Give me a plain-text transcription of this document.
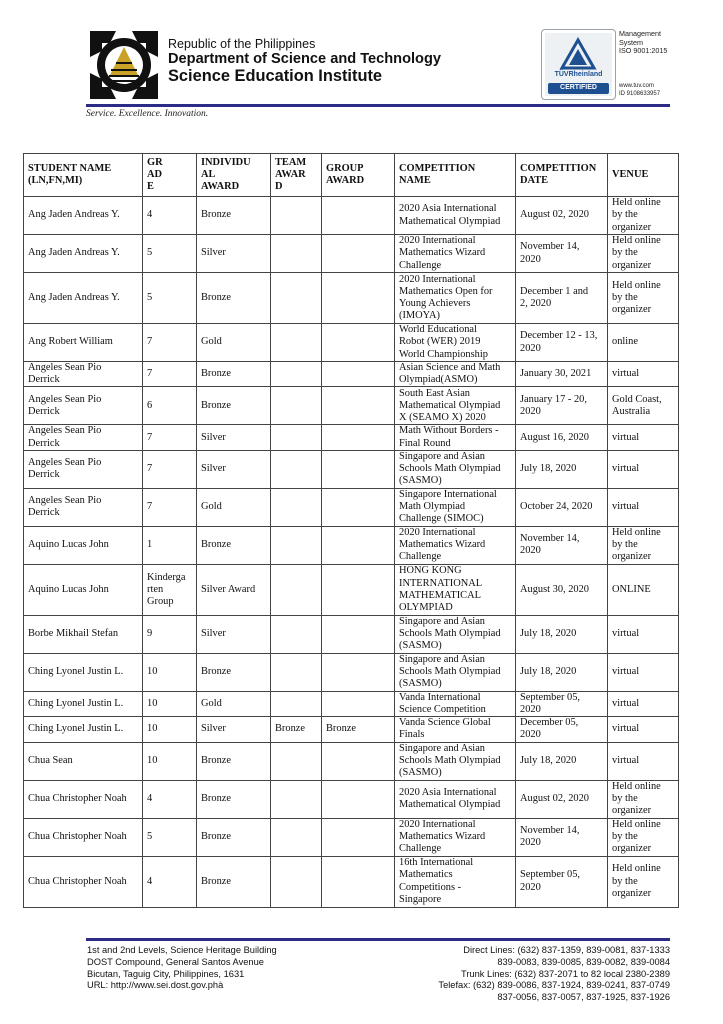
Republic of the Philippines
Department of Science and Technology
Science Education Institute	TÜVRheinland
CERTIFIED
Management
System
ISO 9001:2015
www.tuv.com
ID 9108633957
Service. Excellence. Innovation.
STUDENT NAME
(LN,FN,MI)	GR
AD
E	INDIVIDU
AL
AWARD	TEAM
AWAR
D	GROUP
AWARD	COMPETITION
NAME	COMPETITION
DATE	VENUE
Ang Jaden Andreas Y.	4	Bronze			2020 Asia International
Mathematical Olympiad	August 02, 2020	Held online
by the
organizer
Ang Jaden Andreas Y.	5	Silver			2020 International
Mathematics Wizard
Challenge	November 14,
2020	Held online
by the
organizer
Ang Jaden Andreas Y.	5	Bronze			2020 International
Mathematics Open for
Young Achievers
(IMOYA)	December 1 and
2, 2020	Held online
by the
organizer
Ang Robert William	7	Gold			World Educational
Robot (WER) 2019
World Championship	December 12 - 13,
2020	online
Angeles Sean Pio
Derrick	7	Bronze			Asian Science and Math
Olympiad(ASMO)	January 30, 2021	virtual
Angeles Sean Pio
Derrick	6	Bronze			South East Asian
Mathematical Olympiad
X (SEAMO X) 2020	January 17 - 20,
2020	Gold Coast,
Australia
Angeles Sean Pio
Derrick	7	Silver			Math Without Borders -
Final Round	August 16, 2020	virtual
Angeles Sean Pio
Derrick	7	Silver			Singapore and Asian
Schools Math Olympiad
(SASMO)	July 18, 2020	virtual
Angeles Sean Pio
Derrick	7	Gold			Singapore International
Math Olympiad
Challenge (SIMOC)	October 24, 2020	virtual
Aquino Lucas John	1	Bronze			2020 International
Mathematics Wizard
Challenge	November 14,
2020	Held online
by the
organizer
Aquino Lucas John	Kinderga
rten
Group	Silver Award			HONG KONG
INTERNATIONAL
MATHEMATICAL
OLYMPIAD	August 30, 2020	ONLINE
Borbe Mikhail Stefan	9	Silver			Singapore and Asian
Schools Math Olympiad
(SASMO)	July 18, 2020	virtual
Ching Lyonel Justin L.	10	Bronze			Singapore and Asian
Schools Math Olympiad
(SASMO)	July 18, 2020	virtual
Ching Lyonel Justin L.	10	Gold			Vanda International
Science Competition	September 05,
2020	virtual
Ching Lyonel Justin L.	10	Silver	Bronze	Bronze	Vanda Science Global
Finals	December 05,
2020	virtual
Chua Sean	10	Bronze			Singapore and Asian
Schools Math Olympiad
(SASMO)	July 18, 2020	virtual
Chua Christopher Noah	4	Bronze			2020 Asia International
Mathematical Olympiad	August 02, 2020	Held online
by the
organizer
Chua Christopher Noah	5	Bronze			2020 International
Mathematics Wizard
Challenge	November 14,
2020	Held online
by the
organizer
Chua Christopher Noah	4	Bronze			16th International
Mathematics
Competitions -
Singapore	September 05,
2020	Held online
by the
organizer
1st and 2nd Levels, Science Heritage Building
DOST Compound, General Santos Avenue
Bicutan, Taguig City, Philippines, 1631
URL: http://www.sei.dost.gov.phà
Direct Lines: (632) 837-1359, 839-0081, 837-1333
839-0083, 839-0085, 839-0082, 839-0084
Trunk Lines: (632) 837-2071 to 82 local 2380-2389
Telefax: (632) 839-0086, 837-1924, 839-0241, 837-0749
837-0056, 837-0057, 837-1925, 837-1926
